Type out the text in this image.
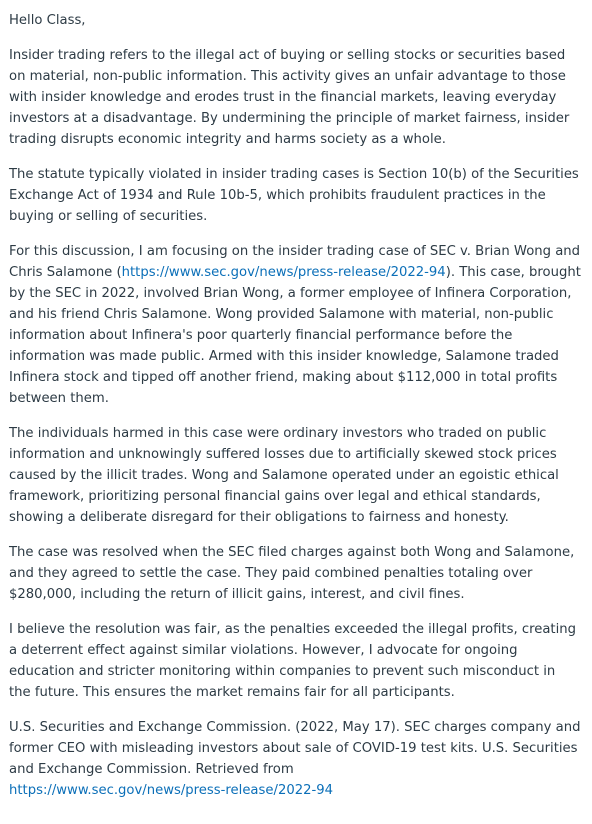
Hello Class,

Insider trading refers to the illegal act of buying or selling stocks or securities based on material, non-public information. This activity gives an unfair advantage to those with insider knowledge and erodes trust in the financial markets, leaving everyday investors at a disadvantage. By undermining the principle of market fairness, insider trading disrupts economic integrity and harms society as a whole.

The statute typically violated in insider trading cases is Section 10(b) of the Securities Exchange Act of 1934 and Rule 10b-5, which prohibits fraudulent practices in the buying or selling of securities.

For this discussion, I am focusing on the insider trading case of SEC v. Brian Wong and Chris Salamone (https://www.sec.gov/news/press-release/2022-94). This case, brought by the SEC in 2022, involved Brian Wong, a former employee of Infinera Corporation, and his friend Chris Salamone. Wong provided Salamone with material, non-public information about Infinera's poor quarterly financial performance before the information was made public. Armed with this insider knowledge, Salamone traded Infinera stock and tipped off another friend, making about $112,000 in total profits between them.

The individuals harmed in this case were ordinary investors who traded on public information and unknowingly suffered losses due to artificially skewed stock prices caused by the illicit trades. Wong and Salamone operated under an egoistic ethical framework, prioritizing personal financial gains over legal and ethical standards, showing a deliberate disregard for their obligations to fairness and honesty.

The case was resolved when the SEC filed charges against both Wong and Salamone, and they agreed to settle the case. They paid combined penalties totaling over $280,000, including the return of illicit gains, interest, and civil fines.

I believe the resolution was fair, as the penalties exceeded the illegal profits, creating a deterrent effect against similar violations. However, I advocate for ongoing education and stricter monitoring within companies to prevent such misconduct in the future. This ensures the market remains fair for all participants.

U.S. Securities and Exchange Commission. (2022, May 17). SEC charges company and former CEO with misleading investors about sale of COVID-19 test kits. U.S. Securities and Exchange Commission. Retrieved from
https://www.sec.gov/news/press-release/2022-94
